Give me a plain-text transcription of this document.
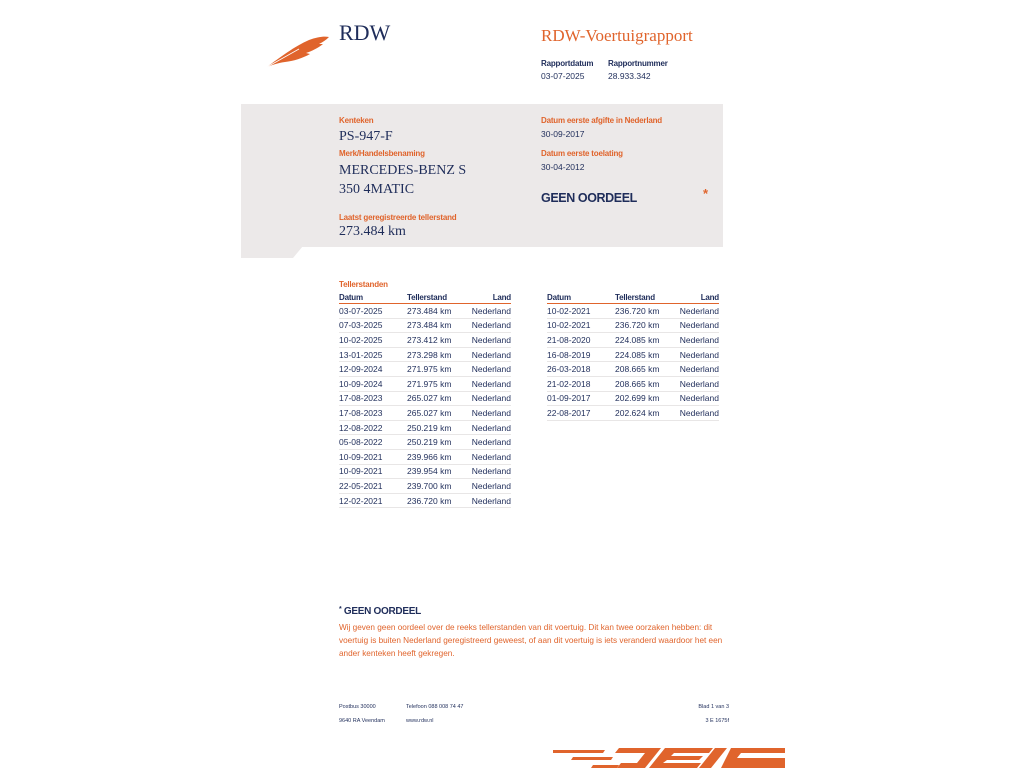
RDW	RDW-Voertuigrapport
Rapportdatum
03-07-2025
Rapportnummer
28.933.342
Kenteken
PS-947-F
Merk/Handelsbenaming
MERCEDES-BENZ S
350 4MATIC
Laatst geregistreerde tellerstand
273.484 km
Datum eerste afgifte in Nederland
30-09-2017
Datum eerste toelating
30-04-2012
GEEN OORDEEL	*
Tellerstanden
Datum	Tellerstand	Land
03-07-2025	273.484 km	Nederland
07-03-2025	273.484 km	Nederland
10-02-2025	273.412 km	Nederland
13-01-2025	273.298 km	Nederland
12-09-2024	271.975 km	Nederland
10-09-2024	271.975 km	Nederland
17-08-2023	265.027 km	Nederland
17-08-2023	265.027 km	Nederland
12-08-2022	250.219 km	Nederland
05-08-2022	250.219 km	Nederland
10-09-2021	239.966 km	Nederland
10-09-2021	239.954 km	Nederland
22-05-2021	239.700 km	Nederland
12-02-2021	236.720 km	Nederland
Datum	Tellerstand	Land
10-02-2021	236.720 km	Nederland
10-02-2021	236.720 km	Nederland
21-08-2020	224.085 km	Nederland
16-08-2019	224.085 km	Nederland
26-03-2018	208.665 km	Nederland
21-02-2018	208.665 km	Nederland
01-09-2017	202.699 km	Nederland
22-08-2017	202.624 km	Nederland
* GEEN OORDEEL
Wij geven geen oordeel over de reeks tellerstanden van dit voertuig. Dit kan twee oorzaken hebben: dit voertuig is buiten Nederland geregistreerd geweest, of aan dit voertuig is iets veranderd waardoor het een ander kenteken heeft gekregen.
Postbus 30000
9640 RA Veendam
Telefoon 088 008 74 47
www.rdw.nl
Blad 1 van 3
3 E 1675f
